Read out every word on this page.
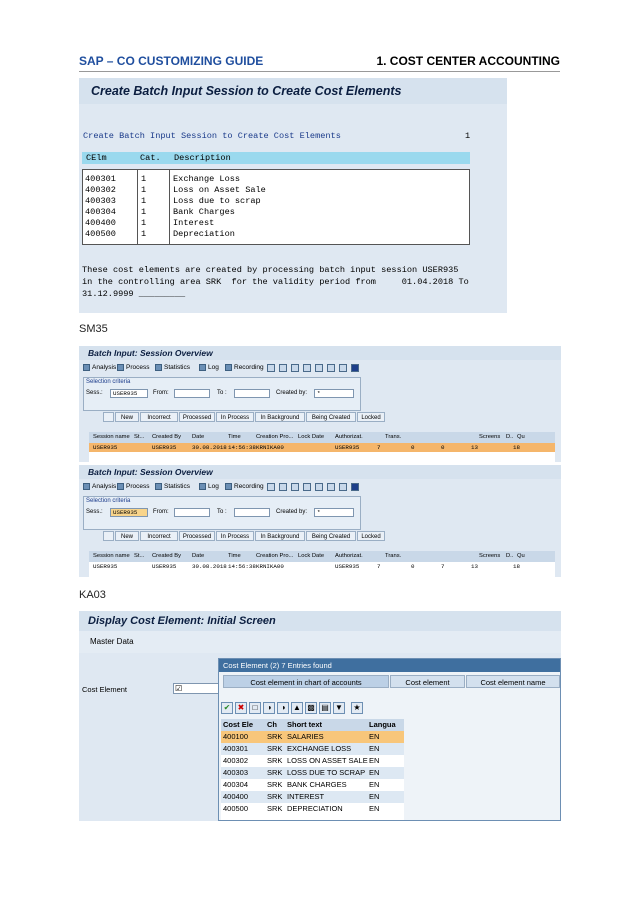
SAP – CO CUSTOMIZING GUIDE	1. COST CENTER ACCOUNTING
Create Batch Input Session to Create Cost Elements
Create Batch Input Session to Create Cost Elements	1
CElm	Cat. Description
400301	1	Exchange Loss
400302	1	Loss on Asset Sale
400303	1	Loss due to scrap
400304	1	Bank Charges
400400	1	Interest
400500	1	Depreciation
These cost elements are created by processing batch input session USER935
in the controlling area SRK  for the validity period from     01.04.2018 To
31.12.9999 _________
SM35
Batch Input: Session Overview
Analysis	Process	Statistics	Log	Recording
Selection criteria
Sess.:	USER935	From:	To :	Created by:	*
New	Incorrect	Processed	In Process	In Background	Being Created	Locked
Session name St... Created By Date	Time	Creation Pro... Lock Date Authorizat.	Trans.	Screens D.. Qu
USER935	USER935	30.08.2018 14:56:38 KRNIKA00	USER935	7	0	0	13	18
Batch Input: Session Overview
Analysis	Process	Statistics	Log	Recording
Selection criteria
Sess.:	USER935	From:	To :	Created by:	*
New	Incorrect	Processed	In Process	In Background	Being Created	Locked
Session name St... Created By Date	Time	Creation Pro... Lock Date Authorizat.	Trans.	Screens D.. Qu
USER935	USER935	30.08.2018 14:56:38 KRNIKA00	USER935	7	0	7	13	18
KA03
Display Cost Element: Initial Screen
Master Data
Cost Element	☑
Cost Element (2) 7 Entries found
Cost element in chart of accounts	Cost element	Cost element name
✔ ✖	□	◑	◑ ▲ ▩ ▤ ▼	★
Cost Ele Ch Short text	Langua
400100	SRK SALARIES	EN
400301	SRK EXCHANGE LOSS EN
400302	SRK LOSS ON ASSET SALE EN
400303	SRK LOSS DUE TO SCRAP EN
400304	SRK BANK CHARGES	EN
400400	SRK INTEREST	EN
400500	SRK DEPRECIATION	EN
